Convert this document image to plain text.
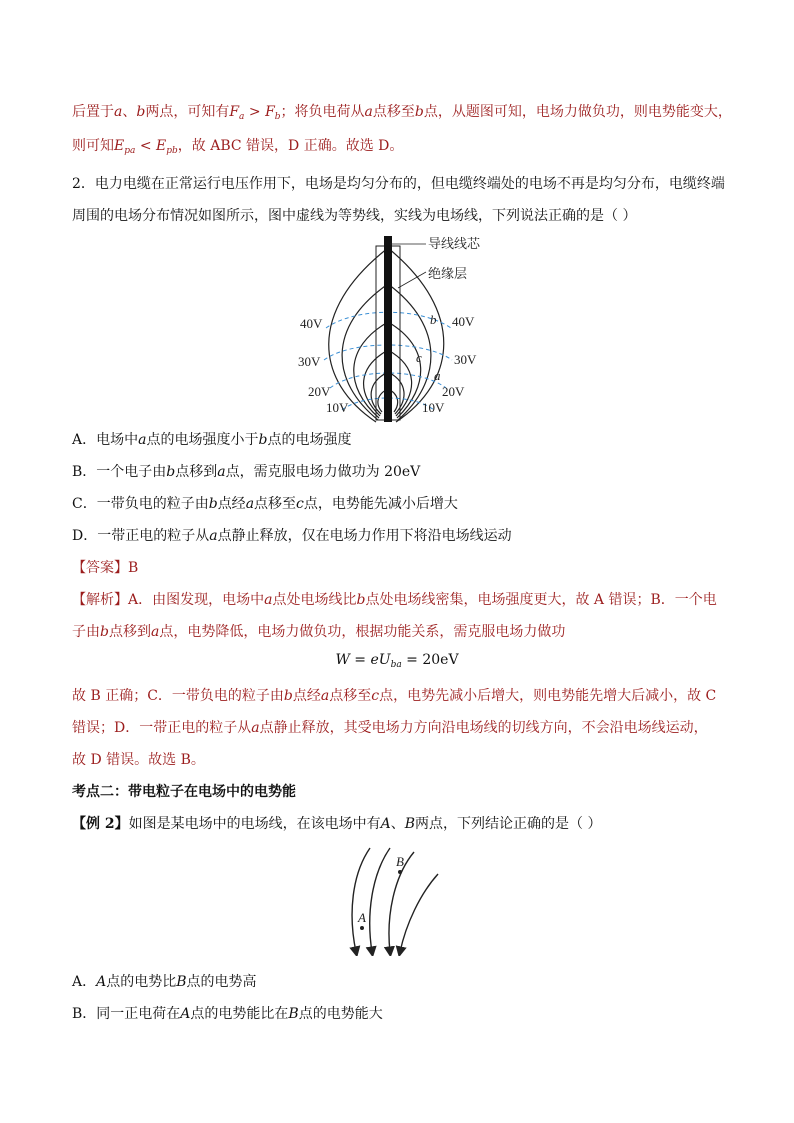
后置于a、b两点，可知有$F_a > F_b$；将负电荷从a点移至b点，从题图可知，电场力做负功，则电势能变大，
则可知$E_{pa} < E_{pb}$，故 ABC 错误，D 正确。故选 D。
2．电力电缆在正常运行电压作用下，电场是均匀分布的，但电缆终端处的电场不再是均匀分布，电缆终端
周围的电场分布情况如图所示，图中虚线为等势线，实线为电场线，下列说法正确的是（ ）
导线线芯
绝缘层
40V	40V
30V	30V
20V	20V
10V	10V
b
c
a
A．电场中a点的电场强度小于b点的电场强度
B．一个电子由b点移到a点，需克服电场力做功为 20eV
C．一带负电的粒子由b点经a点移至c点，电势能先减小后增大
D．一带正电的粒子从a点静止释放，仅在电场力作用下将沿电场线运动
【答案】B
【解析】A．由图发现，电场中a点处电场线比b点处电场线密集，电场强度更大，故 A 错误；B．一个电
子由b点移到a点，电势降低，电场力做负功，根据功能关系，需克服电场力做功
$W = eU_{ba} = 20eV$
故 B 正确；C．一带负电的粒子由b点经a点移至c点，电势先减小后增大，则电势能先增大后减小，故 C
错误；D．一带正电的粒子从a点静止释放，其受电场力方向沿电场线的切线方向，不会沿电场线运动，
故 D 错误。故选 B。
考点二：带电粒子在电场中的电势能
【例 2】如图是某电场中的电场线，在该电场中有A、B两点，下列结论正确的是（ ）
A
B
A．A点的电势比B点的电势高
B．同一正电荷在A点的电势能比在B点的电势能大
